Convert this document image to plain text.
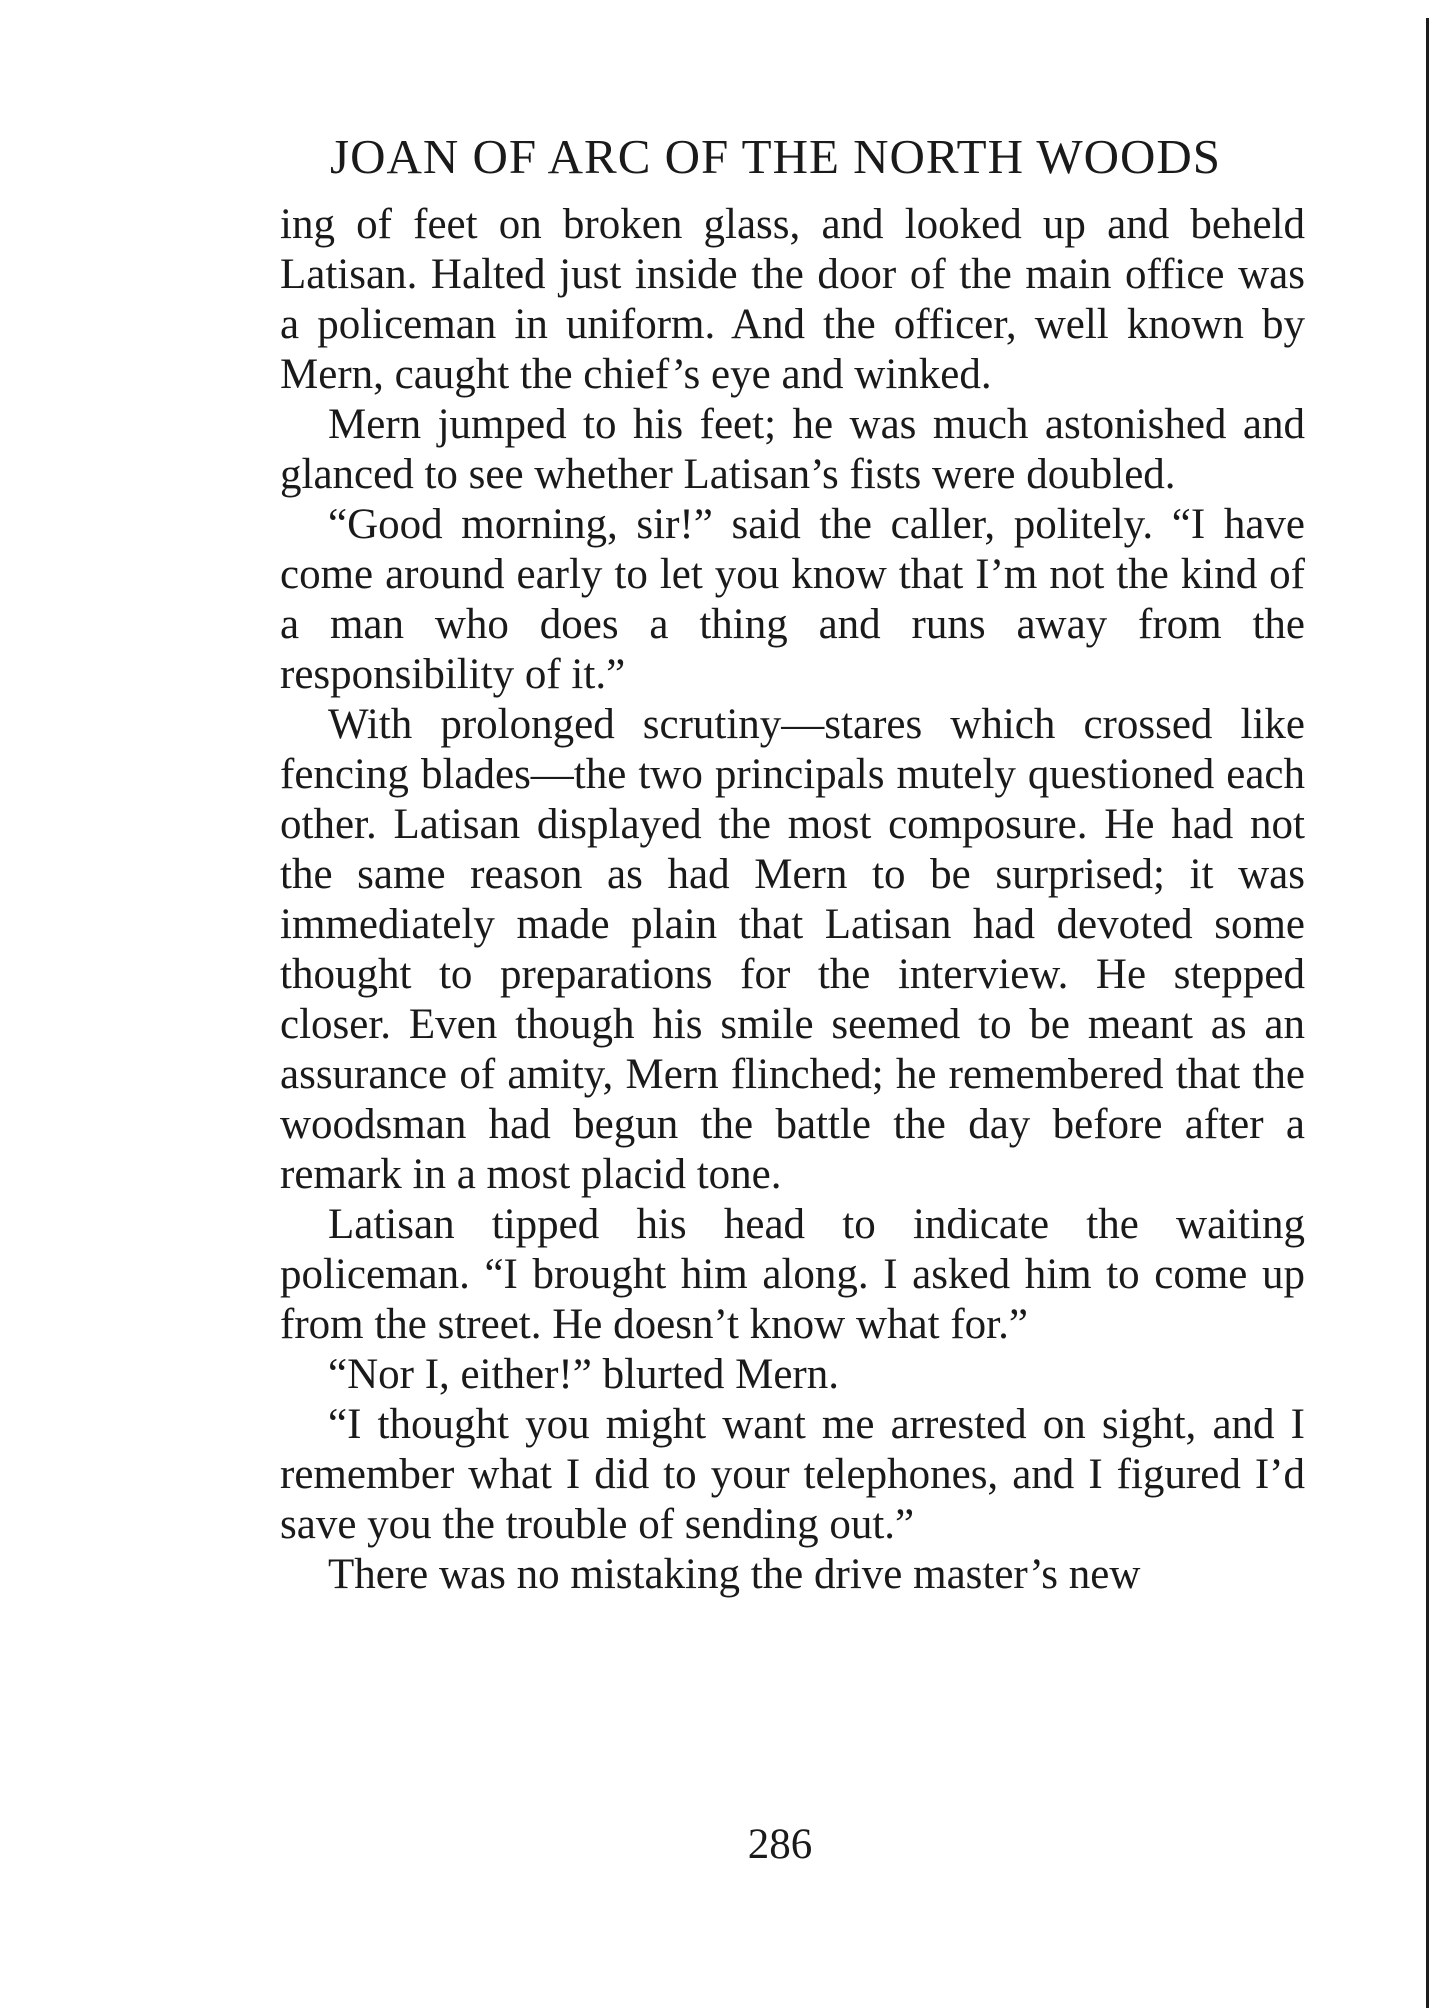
JOAN OF ARC OF THE NORTH WOODS

ing of feet on broken glass, and looked up and beheld Latisan. Halted just inside the door of the main office was a policeman in uniform. And the officer, well known by Mern, caught the chief’s eye and winked.

Mern jumped to his feet; he was much astonished and glanced to see whether Latisan’s fists were doubled.

“Good morning, sir!” said the caller, politely. “I have come around early to let you know that I’m not the kind of a man who does a thing and runs away from the responsibility of it.”

With prolonged scrutiny—stares which crossed like fencing blades—the two principals mutely questioned each other. Latisan displayed the most composure. He had not the same reason as had Mern to be surprised; it was immediately made plain that Latisan had devoted some thought to preparations for the interview. He stepped closer. Even though his smile seemed to be meant as an assurance of amity, Mern flinched; he remembered that the woodsman had begun the battle the day before after a remark in a most placid tone.

Latisan tipped his head to indicate the waiting policeman. “I brought him along. I asked him to come up from the street. He doesn’t know what for.”

“Nor I, either!” blurted Mern.

“I thought you might want me arrested on sight, and I remember what I did to your telephones, and I figured I’d save you the trouble of sending out.”

There was no mistaking the drive master’s new

286
